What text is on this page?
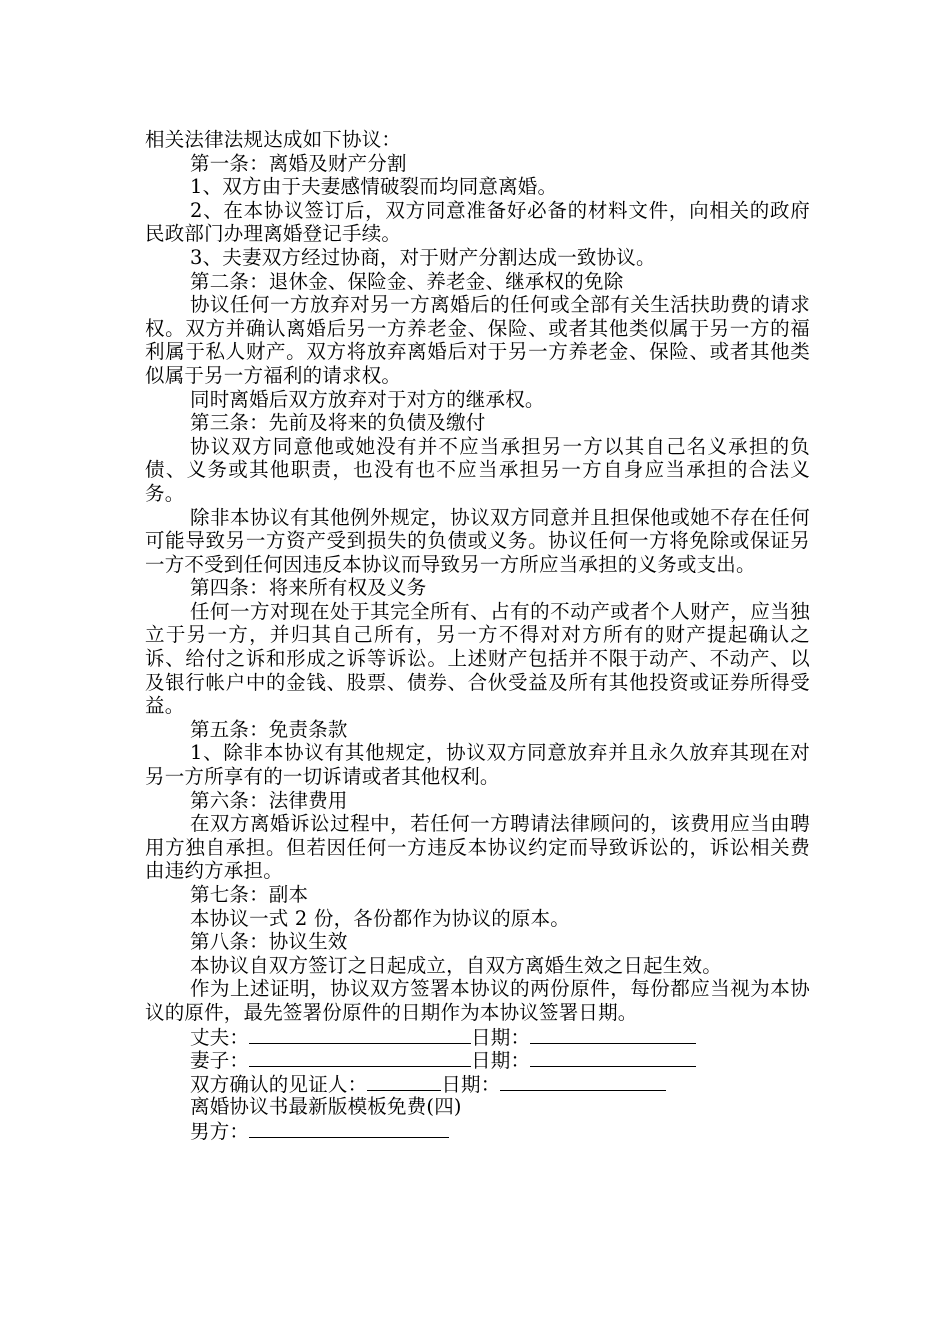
相关法律法规达成如下协议：
第一条：离婚及财产分割
1、双方由于夫妻感情破裂而均同意离婚。

2、在本协议签订后，双方同意准备好必备的材料文件，向相关的政府民政部门办理离婚登记手续。

3、夫妻双方经过协商，对于财产分割达成一致协议。

第二条：退休金、保险金、养老金、继承权的免除

协议任何一方放弃对另一方离婚后的任何或全部有关生活扶助费的请求权。双方并确认离婚后另一方养老金、保险、或者其他类似属于另一方的福利属于私人财产。双方将放弃离婚后对于另一方养老金、保险、或者其他类似属于另一方福利的请求权。

同时离婚后双方放弃对于对方的继承权。

第三条：先前及将来的负债及缴付

协议双方同意他或她没有并不应当承担另一方以其自己名义承担的负债、义务或其他职责，也没有也不应当承担另一方自身应当承担的合法义务。

除非本协议有其他例外规定，协议双方同意并且担保他或她不存在任何可能导致另一方资产受到损失的负债或义务。协议任何一方将免除或保证另一方不受到任何因违反本协议而导致另一方所应当承担的义务或支出。

第四条：将来所有权及义务

任何一方对现在处于其完全所有、占有的不动产或者个人财产，应当独立于另一方，并归其自己所有，另一方不得对对方所有的财产提起确认之诉、给付之诉和形成之诉等诉讼。上述财产包括并不限于动产、不动产、以及银行帐户中的金钱、股票、债券、合伙受益及所有其他投资或证券所得受益。

第五条：免责条款

1、除非本协议有其他规定，协议双方同意放弃并且永久放弃其现在对另一方所享有的一切诉请或者其他权利。

第六条：法律费用

在双方离婚诉讼过程中，若任何一方聘请法律顾问的，该费用应当由聘用方独自承担。但若因任何一方违反本协议约定而导致诉讼的，诉讼相关费由违约方承担。

第七条：副本

本协议一式 2 份，各份都作为协议的原本。

第八条：协议生效

本协议自双方签订之日起成立，自双方离婚生效之日起生效。

作为上述证明，协议双方签署本协议的两份原件，每份都应当视为本协议的原件，最先签署份原件的日期作为本协议签署日期。

丈夫：	日期：
妻子：	日期：
双方确认的见证人：	日期：
离婚协议书最新版模板免费(四)
男方：
